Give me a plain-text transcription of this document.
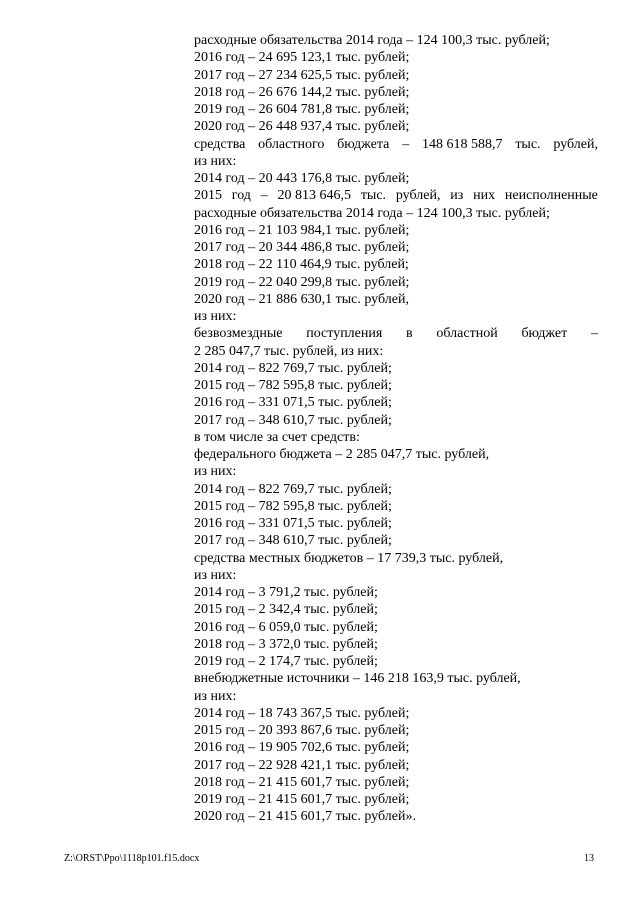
расходные обязательства 2014 года – 124 100,3 тыс. рублей;
2016 год – 24 695 123,1 тыс. рублей;
2017 год – 27 234 625,5 тыс. рублей;
2018 год – 26 676 144,2 тыс. рублей;
2019 год – 26 604 781,8 тыс. рублей;
2020 год – 26 448 937,4 тыс. рублей;
средства областного бюджета – 148 618 588,7 тыс. рублей,
из них:
2014 год – 20 443 176,8 тыс. рублей;
2015 год – 20 813 646,5 тыс. рублей, из них неисполненные
расходные обязательства 2014 года – 124 100,3 тыс. рублей;
2016 год – 21 103 984,1 тыс. рублей;
2017 год – 20 344 486,8 тыс. рублей;
2018 год – 22 110 464,9 тыс. рублей;
2019 год – 22 040 299,8 тыс. рублей;
2020 год – 21 886 630,1 тыс. рублей,
из них:
безвозмездные поступления в областной бюджет –
2 285 047,7 тыс. рублей, из них:
2014 год – 822 769,7 тыс. рублей;
2015 год – 782 595,8 тыс. рублей;
2016 год – 331 071,5 тыс. рублей;
2017 год – 348 610,7 тыс. рублей;
в том числе за счет средств:
федерального бюджета – 2 285 047,7 тыс. рублей,
из них:
2014 год – 822 769,7 тыс. рублей;
2015 год – 782 595,8 тыс. рублей;
2016 год – 331 071,5 тыс. рублей;
2017 год – 348 610,7 тыс. рублей;
средства местных бюджетов – 17 739,3 тыс. рублей,
из них:
2014 год – 3 791,2 тыс. рублей;
2015 год – 2 342,4 тыс. рублей;
2016 год – 6 059,0 тыс. рублей;
2018 год – 3 372,0 тыс. рублей;
2019 год – 2 174,7 тыс. рублей;
внебюджетные источники – 146 218 163,9 тыс. рублей,
из них:
2014 год – 18 743 367,5 тыс. рублей;
2015 год – 20 393 867,6 тыс. рублей;
2016 год – 19 905 702,6 тыс. рублей;
2017 год – 22 928 421,1 тыс. рублей;
2018 год – 21 415 601,7 тыс. рублей;
2019 год – 21 415 601,7 тыс. рублей;
2020 год – 21 415 601,7 тыс. рублей».
Z:\ORST\Ppo\1118p101.f15.docx	13
